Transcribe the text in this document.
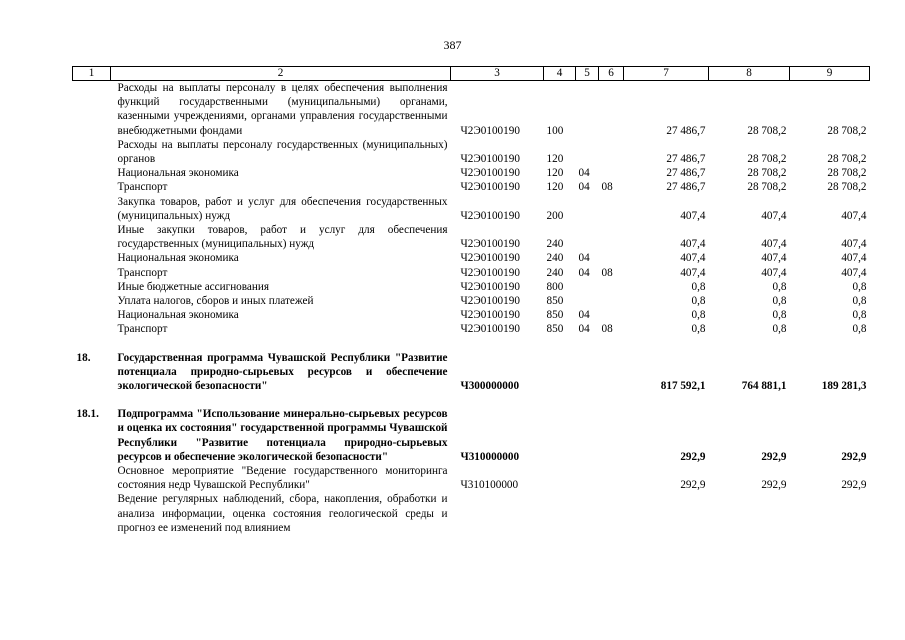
387
1	2	3	4	5	6	7	8	9
	Расходы на выплаты персоналу в целях обеспечения выполнения функций государственными (муниципальными) органами, казенными учреждениями, органами управления государственными внебюджетными фондами	Ч2Э0100190	100			27 486,7	28 708,2	28 708,2
	Расходы на выплаты персоналу государственных (муниципальных) органов	Ч2Э0100190	120			27 486,7	28 708,2	28 708,2
	Национальная экономика	Ч2Э0100190	120	04		27 486,7	28 708,2	28 708,2
	Транспорт	Ч2Э0100190	120	04	08	27 486,7	28 708,2	28 708,2
	Закупка товаров, работ и услуг для обеспечения государственных (муниципальных) нужд	Ч2Э0100190	200			407,4	407,4	407,4
	Иные закупки товаров, работ и услуг для обеспечения государственных (муниципальных) нужд	Ч2Э0100190	240			407,4	407,4	407,4
	Национальная экономика	Ч2Э0100190	240	04		407,4	407,4	407,4
	Транспорт	Ч2Э0100190	240	04	08	407,4	407,4	407,4
	Иные бюджетные ассигнования	Ч2Э0100190	800			0,8	0,8	0,8
	Уплата налогов, сборов и иных платежей	Ч2Э0100190	850			0,8	0,8	0,8
	Национальная экономика	Ч2Э0100190	850	04		0,8	0,8	0,8
	Транспорт	Ч2Э0100190	850	04	08	0,8	0,8	0,8

18.	Государственная программа Чувашской Республики "Развитие потенциала природно-сырьевых ресурсов и обеспечение экологической безопасности"	Ч300000000				817 592,1	764 881,1	189 281,3

18.1.	Подпрограмма "Использование минерально-сырьевых ресурсов и оценка их состояния" государственной программы Чувашской Республики "Развитие потенциала природно-сырьевых ресурсов и обеспечение экологической безопасности"	Ч310000000				292,9	292,9	292,9
	Основное мероприятие "Ведение государственного мониторинга состояния недр Чувашской Республики"	Ч310100000				292,9	292,9	292,9
	Ведение регулярных наблюдений, сбора, накопления, обработки и анализа информации, оценка состояния геологической среды и прогноз ее изменений под влиянием							
